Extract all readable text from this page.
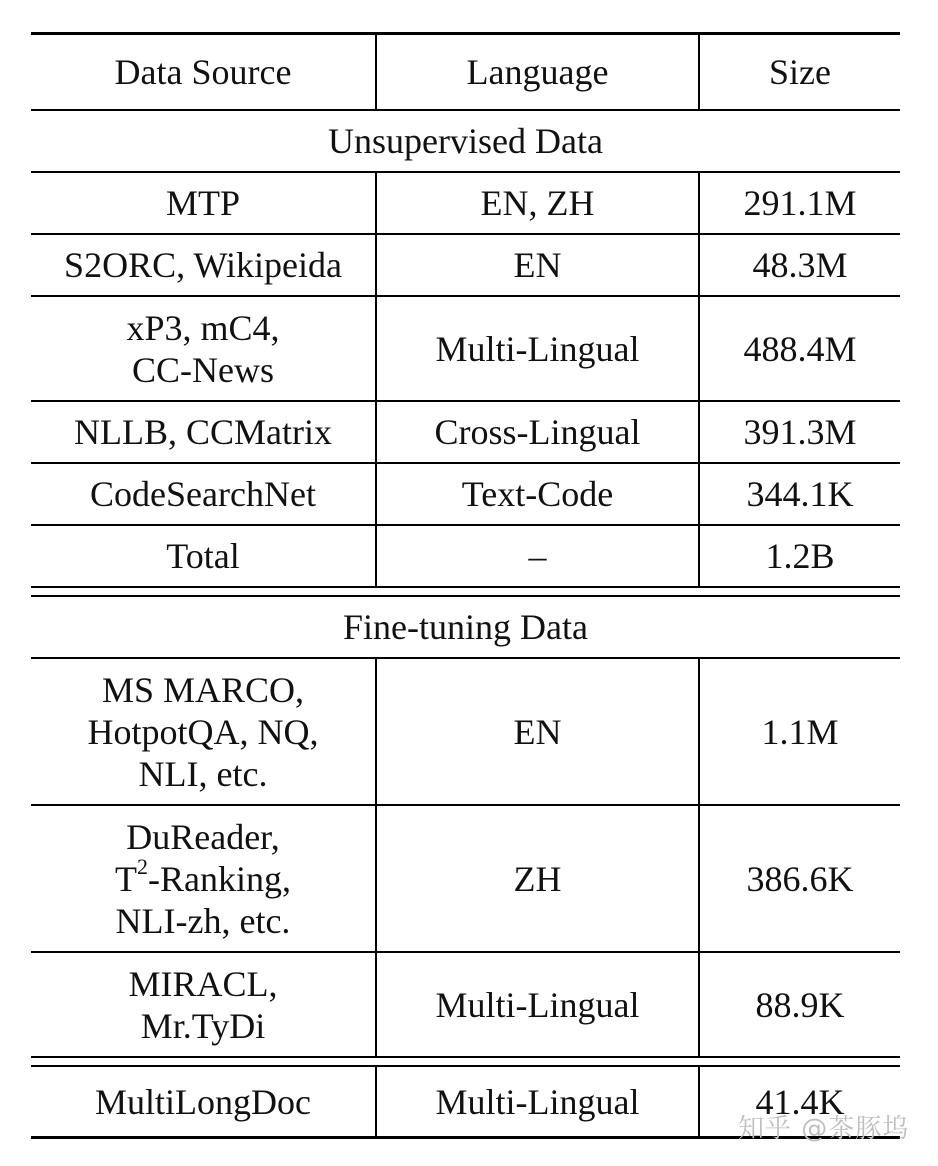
Data Source	Language	Size
Unsupervised Data
MTP	EN, ZH	291.1M
S2ORC, Wikipeida	EN	48.3M
xP3, mC4,
CC-News
Multi-Lingual	488.4M
NLLB, CCMatrix	Cross-Lingual	391.3M
CodeSearchNet	Text-Code	344.1K
Total	–	1.2B
Fine-tuning Data
MS MARCO,
HotpotQA, NQ,
NLI, etc.
EN	1.1M
DuReader,
$T^2$-Ranking,
NLI-zh, etc.
ZH	386.6K
MIRACL,
Mr.TyDi
Multi-Lingual	88.9K
MultiLongDoc	Multi-Lingual	41.4K
知乎 @茶豚坞
